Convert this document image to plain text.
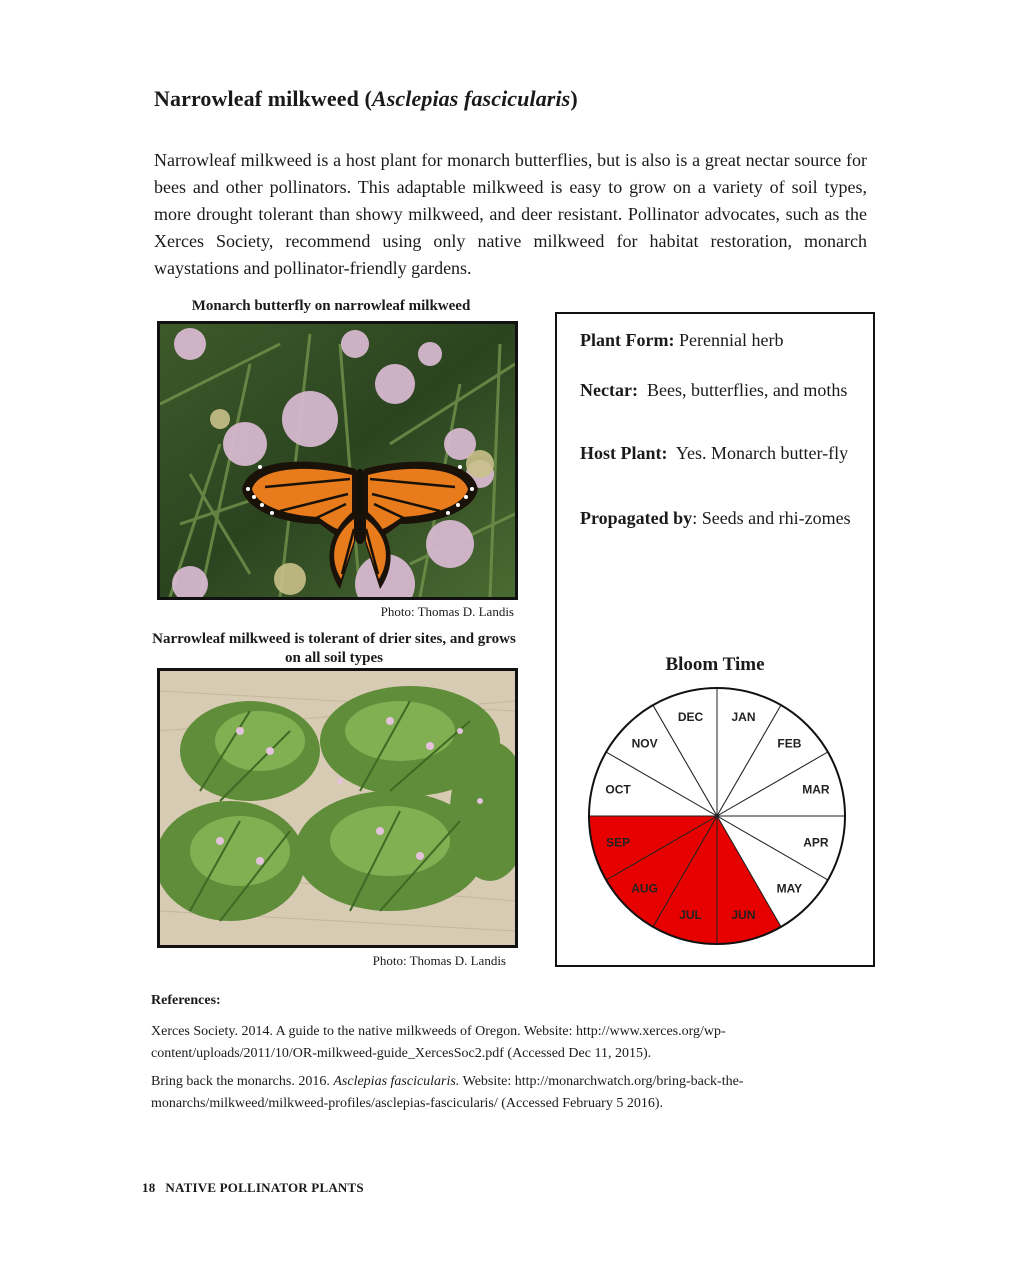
Narrowleaf milkweed (Asclepias fascicularis)
Narrowleaf milkweed is a host plant for monarch butterflies, but is also is a great nectar source for bees and other pollinators. This adaptable milkweed is easy to grow on a variety of soil types, more drought tolerant than showy milkweed, and deer resistant. Pollinator advocates, such as the Xerces Society, recommend using only native milkweed for habitat restoration, monarch waystations and pollinator-friendly gardens.
Monarch butterfly on narrowleaf milkweed
Photo: Thomas D. Landis
Narrowleaf milkweed is tolerant of drier sites, and grows on all soil types
Photo: Thomas D. Landis
Plant Form: Perennial herb
Nectar:  Bees, butterflies, and moths
Host Plant:  Yes. Monarch butter-fly
Propagated by: Seeds and rhi-zomes
Bloom Time
JAN
FEB
MAR
APR
MAY
JUN
JUL
AUG
SEP
OCT
NOV
DEC
References:
Xerces Society. 2014. A guide to the native milkweeds of Oregon. Website: http://www.xerces.org/wp-content/uploads/2011/10/OR-milkweed-guide_XercesSoc2.pdf (Accessed Dec 11, 2015).
Bring back the monarchs. 2016. Asclepias fascicularis. Website: http://monarchwatch.org/bring-back-the-monarchs/milkweed/milkweed-profiles/asclepias-fascicularis/ (Accessed February 5 2016).
18 NATIVE POLLINATOR PLANTS
